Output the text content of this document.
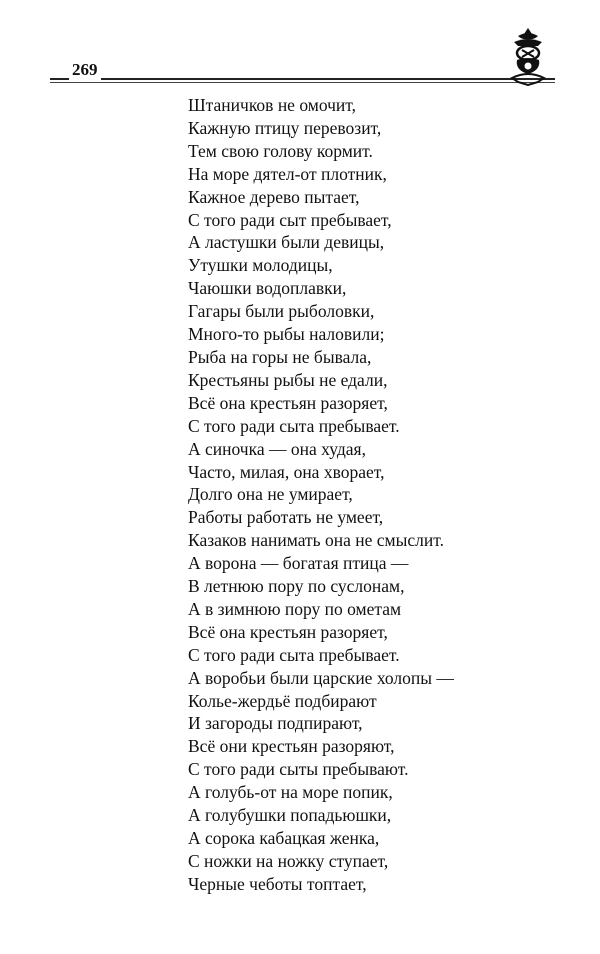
269
Штаничков не омочит,
Кажную птицу перевозит,
Тем свою голову кормит.
На море дятел-от плотник,
Кажное дерево пытает,
С того ради сыт пребывает,
А ластушки были девицы,
Утушки молодицы,
Чаюшки водоплавки,
Гагары были рыболовки,
Много-то рыбы наловили;
Рыба на горы не бывала,
Крестьяны рыбы не едали,
Всё она крестьян разоряет,
С того ради сыта пребывает.
А синочка — она худая,
Часто, милая, она хворает,
Долго она не умирает,
Работы работать не умеет,
Казаков нанимать она не смыслит.
А ворона — богатая птица —
В летнюю пору по суслонам,
А в зимнюю пору по ометам
Всё она крестьян разоряет,
С того ради сыта пребывает.
А воробьи были царские холопы —
Колье-жердьё подбирают
И загороды подпирают,
Всё они крестьян разоряют,
С того ради сыты пребывают.
А голубь-от на море попик,
А голубушки попадьюшки,
А сорока кабацкая женка,
С ножки на ножку ступает,
Черные чеботы топтает,
